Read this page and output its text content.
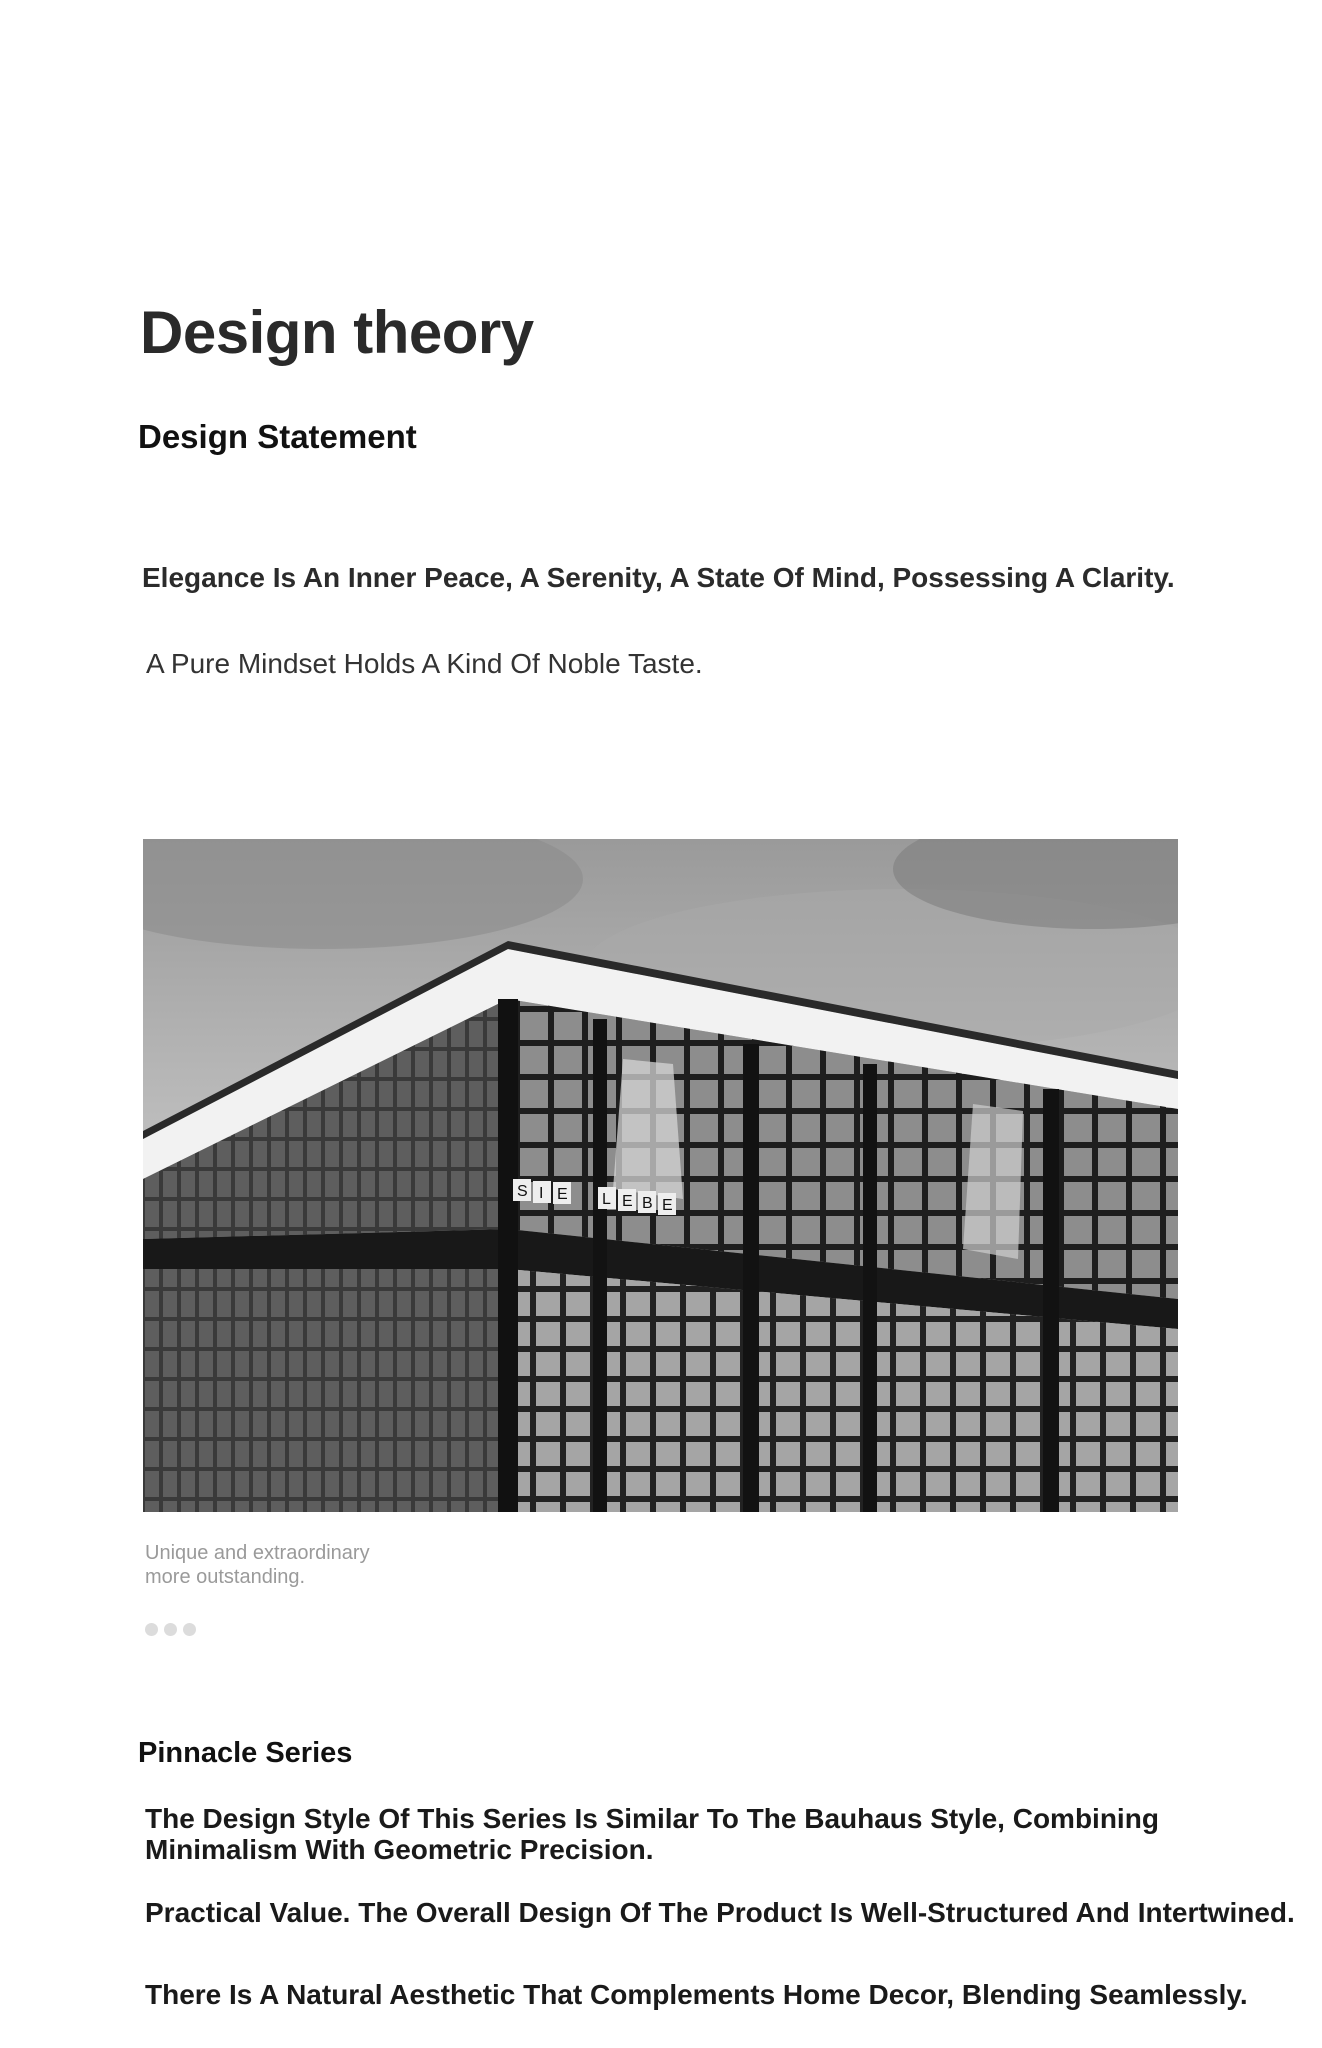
Design theory
Design Statement

Elegance Is An Inner Peace, A Serenity, A State Of Mind, Possessing A Clarity.

A Pure Mindset Holds A Kind Of Noble Taste.

S I E L E B E

Unique and extraordinary
more outstanding.

Pinnacle Series

The Design Style Of This Series Is Similar To The Bauhaus Style, Combining Minimalism With Geometric Precision.

Practical Value. The Overall Design Of The Product Is Well-Structured And Intertwined.

There Is A Natural Aesthetic That Complements Home Decor, Blending Seamlessly.
